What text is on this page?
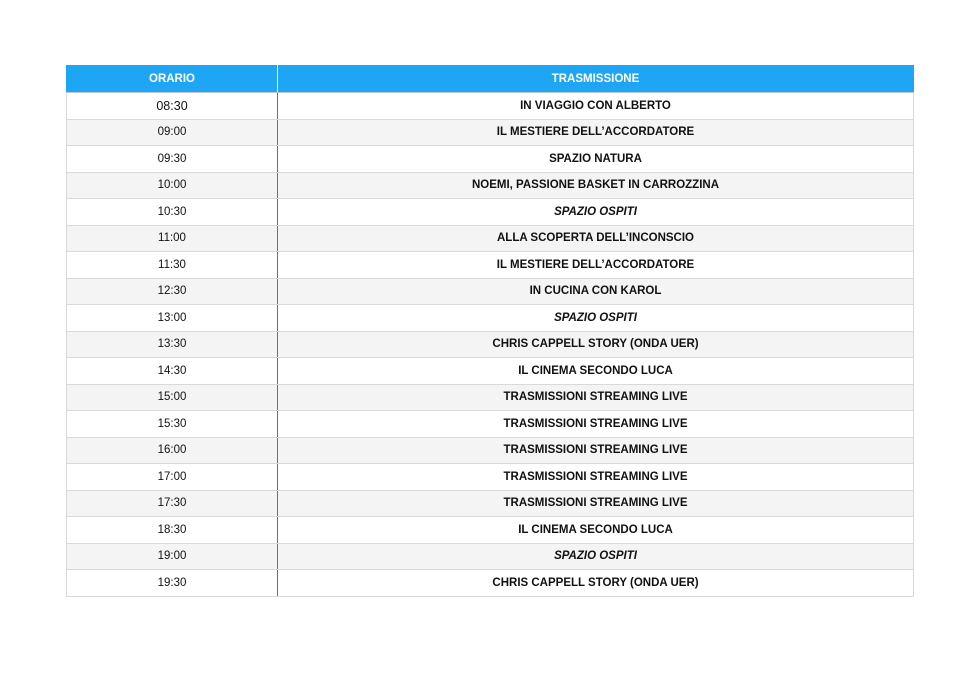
ORARIO	TRASMISSIONE
08:30	IN VIAGGIO CON ALBERTO
09:00	IL MESTIERE DELL’ACCORDATORE
09:30	SPAZIO NATURA
10:00	NOEMI, PASSIONE BASKET IN CARROZZINA
10:30	SPAZIO OSPITI
11:00	ALLA SCOPERTA DELL’INCONSCIO
11:30	IL MESTIERE DELL’ACCORDATORE
12:30	IN CUCINA CON KAROL
13:00	SPAZIO OSPITI
13:30	CHRIS CAPPELL STORY (ONDA UER)
14:30	IL CINEMA SECONDO LUCA
15:00	TRASMISSIONI STREAMING LIVE
15:30	TRASMISSIONI STREAMING LIVE
16:00	TRASMISSIONI STREAMING LIVE
17:00	TRASMISSIONI STREAMING LIVE
17:30	TRASMISSIONI STREAMING LIVE
18:30	IL CINEMA SECONDO LUCA
19:00	SPAZIO OSPITI
19:30	CHRIS CAPPELL STORY (ONDA UER)
